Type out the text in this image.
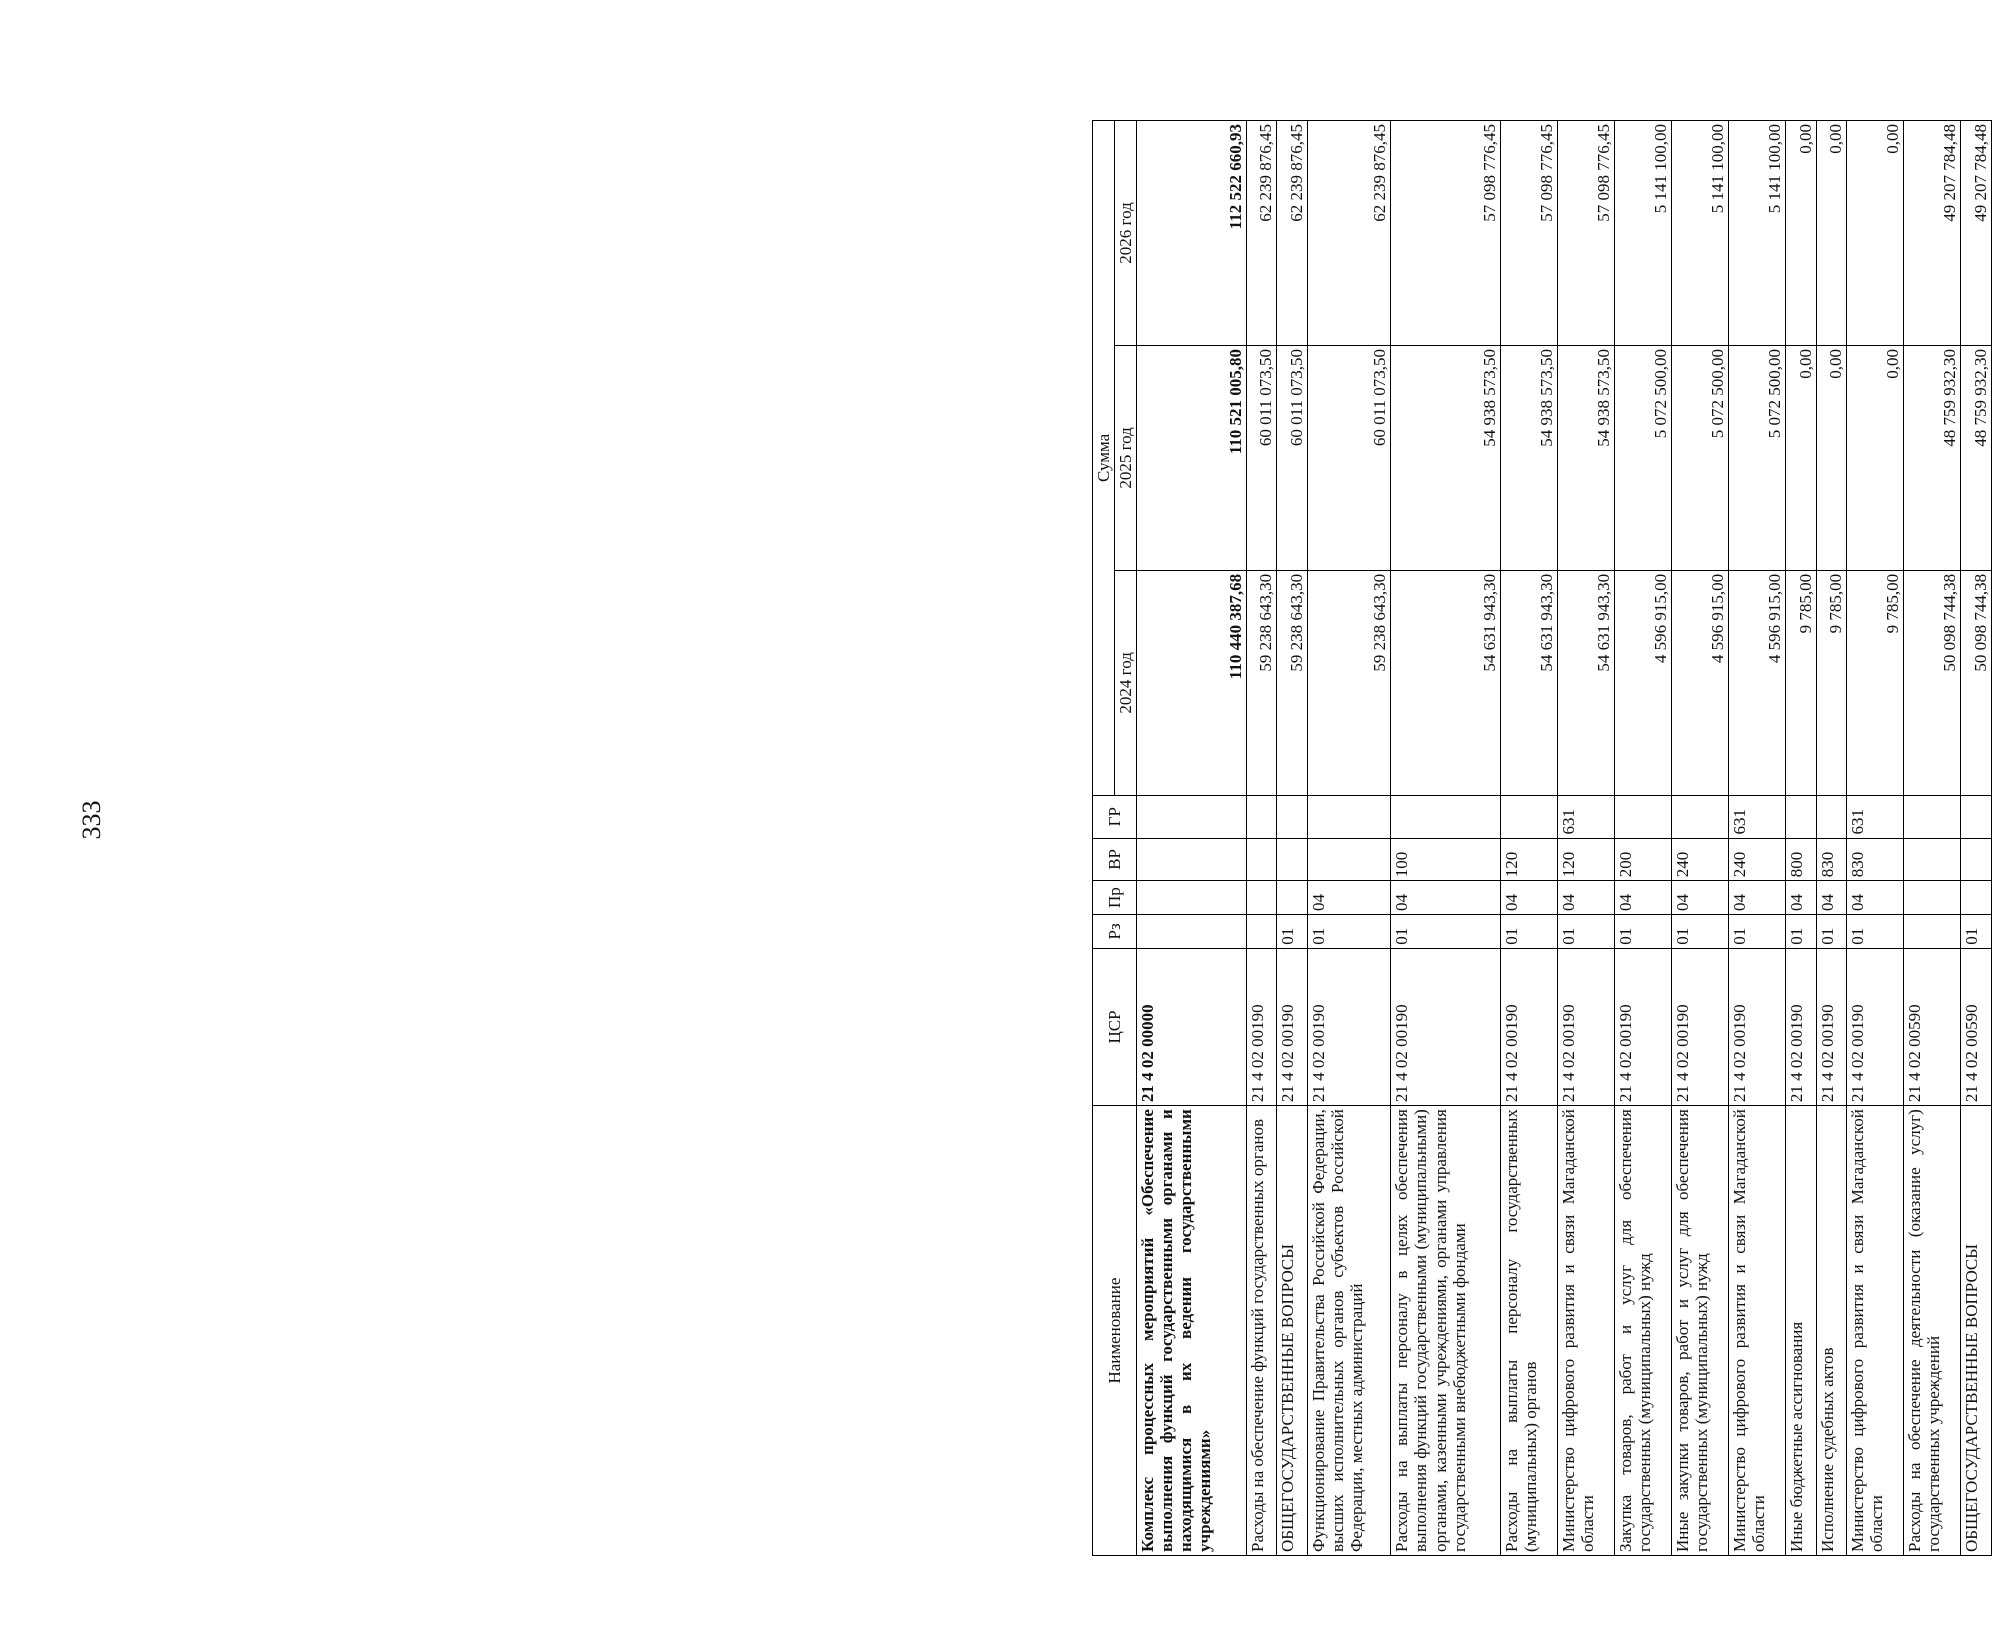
333
Наименование	ЦСР	Рз	Пр	ВР	ГР	Сумма		
						2024 год	2025 год	2026 год
Комплекс процессных мероприятий «Обеспечение выполнения функций государственными органами и находящимися в их ведении государственными учреждениями»	21 4 02 00000					110 440 387,68	110 521 005,80	112 522 660,93
Расходы на обеспечение функций государственных органов	21 4 02 00190					59 238 643,30	60 011 073,50	62 239 876,45
ОБЩЕГОСУДАРСТВЕННЫЕ ВОПРОСЫ	21 4 02 00190	01				59 238 643,30	60 011 073,50	62 239 876,45
Функционирование Правительства Российской Федерации, высших исполнительных органов субъектов Российской Федерации, местных администраций	21 4 02 00190	01	04			59 238 643,30	60 011 073,50	62 239 876,45
Расходы на выплаты персоналу в целях обеспечения выполнения функций государственными (муниципальными) органами, казенными учреждениями, органами управления государственными внебюджетными фондами	21 4 02 00190	01	04	100		54 631 943,30	54 938 573,50	57 098 776,45
Расходы на выплаты персоналу государственных (муниципальных) органов	21 4 02 00190	01	04	120		54 631 943,30	54 938 573,50	57 098 776,45
Министерство цифрового развития и связи Магаданской области	21 4 02 00190	01	04	120	631	54 631 943,30	54 938 573,50	57 098 776,45
Закупка товаров, работ и услуг для обеспечения государственных (муниципальных) нужд	21 4 02 00190	01	04	200		4 596 915,00	5 072 500,00	5 141 100,00
Иные закупки товаров, работ и услуг для обеспечения государственных (муниципальных) нужд	21 4 02 00190	01	04	240		4 596 915,00	5 072 500,00	5 141 100,00
Министерство цифрового развития и связи Магаданской области	21 4 02 00190	01	04	240	631	4 596 915,00	5 072 500,00	5 141 100,00
Иные бюджетные ассигнования	21 4 02 00190	01	04	800		9 785,00	0,00	0,00
Исполнение судебных актов	21 4 02 00190	01	04	830		9 785,00	0,00	0,00
Министерство цифрового развития и связи Магаданской области	21 4 02 00190	01	04	830	631	9 785,00	0,00	0,00
Расходы на обеспечение деятельности (оказание услуг) государственных учреждений	21 4 02 00590					50 098 744,38	48 759 932,30	49 207 784,48
ОБЩЕГОСУДАРСТВЕННЫЕ ВОПРОСЫ	21 4 02 00590	01				50 098 744,38	48 759 932,30	49 207 784,48
